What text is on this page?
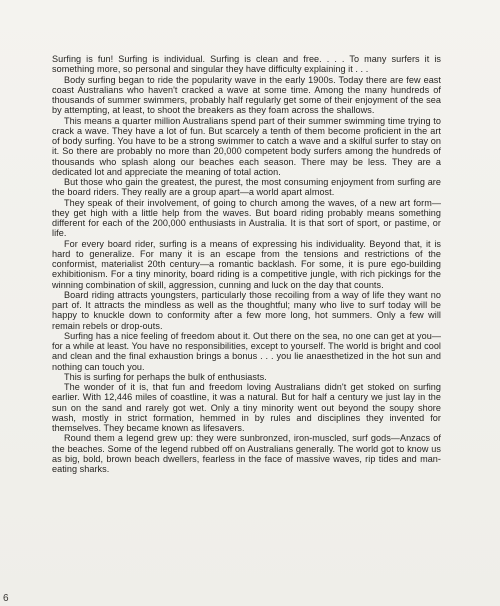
Surfing is fun! Surfing is individual. Surfing is clean and free. . . . To many surfers it is something more, so personal and singular they have difficulty explaining it . . .

Body surfing began to ride the popularity wave in the early 1900s. Today there are few east coast Australians who haven't cracked a wave at some time. Among the many hundreds of thousands of summer swimmers, probably half regularly get some of their enjoyment of the sea by attempting, at least, to shoot the breakers as they foam across the shallows.

This means a quarter million Australians spend part of their summer swimming time trying to crack a wave. They have a lot of fun. But scarcely a tenth of them become proficient in the art of body surfing. You have to be a strong swimmer to catch a wave and a skilful surfer to stay on it. So there are probably no more than 20,000 competent body surfers among the hundreds of thousands who splash along our beaches each season. There may be less. They are a dedicated lot and appreciate the meaning of total action.

But those who gain the greatest, the purest, the most consuming enjoyment from surfing are the board riders. They really are a group apart—a world apart almost.

They speak of their involvement, of going to church among the waves, of a new art form—they get high with a little help from the waves. But board riding probably means something different for each of the 200,000 enthusiasts in Australia. It is that sort of sport, or pastime, or life.

For every board rider, surfing is a means of expressing his individuality. Beyond that, it is hard to generalize. For many it is an escape from the tensions and restrictions of the conformist, materialist 20th century—a romantic backlash. For some, it is pure ego-building exhibitionism. For a tiny minority, board riding is a competitive jungle, with rich pickings for the winning combination of skill, aggression, cunning and luck on the day that counts.

Board riding attracts youngsters, particularly those recoiling from a way of life they want no part of. It attracts the mindless as well as the thoughtful; many who live to surf today will be happy to knuckle down to conformity after a few more long, hot summers. Only a few will remain rebels or drop-outs.

Surfing has a nice feeling of freedom about it. Out there on the sea, no one can get at you—for a while at least. You have no responsibilities, except to yourself. The world is bright and cool and clean and the final exhaustion brings a bonus . . . you lie anaesthetized in the hot sun and nothing can touch you.

This is surfing for perhaps the bulk of enthusiasts.

The wonder of it is, that fun and freedom loving Australians didn't get stoked on surfing earlier. With 12,446 miles of coastline, it was a natural. But for half a century we just lay in the sun on the sand and rarely got wet. Only a tiny minority went out beyond the soupy shore wash, mostly in strict formation, hemmed in by rules and disciplines they invented for themselves. They became known as lifesavers.

Round them a legend grew up: they were sunbronzed, iron-muscled, surf gods—Anzacs of the beaches. Some of the legend rubbed off on Australians generally. The world got to know us as big, bold, brown beach dwellers, fearless in the face of massive waves, rip tides and man-eating sharks.

6
